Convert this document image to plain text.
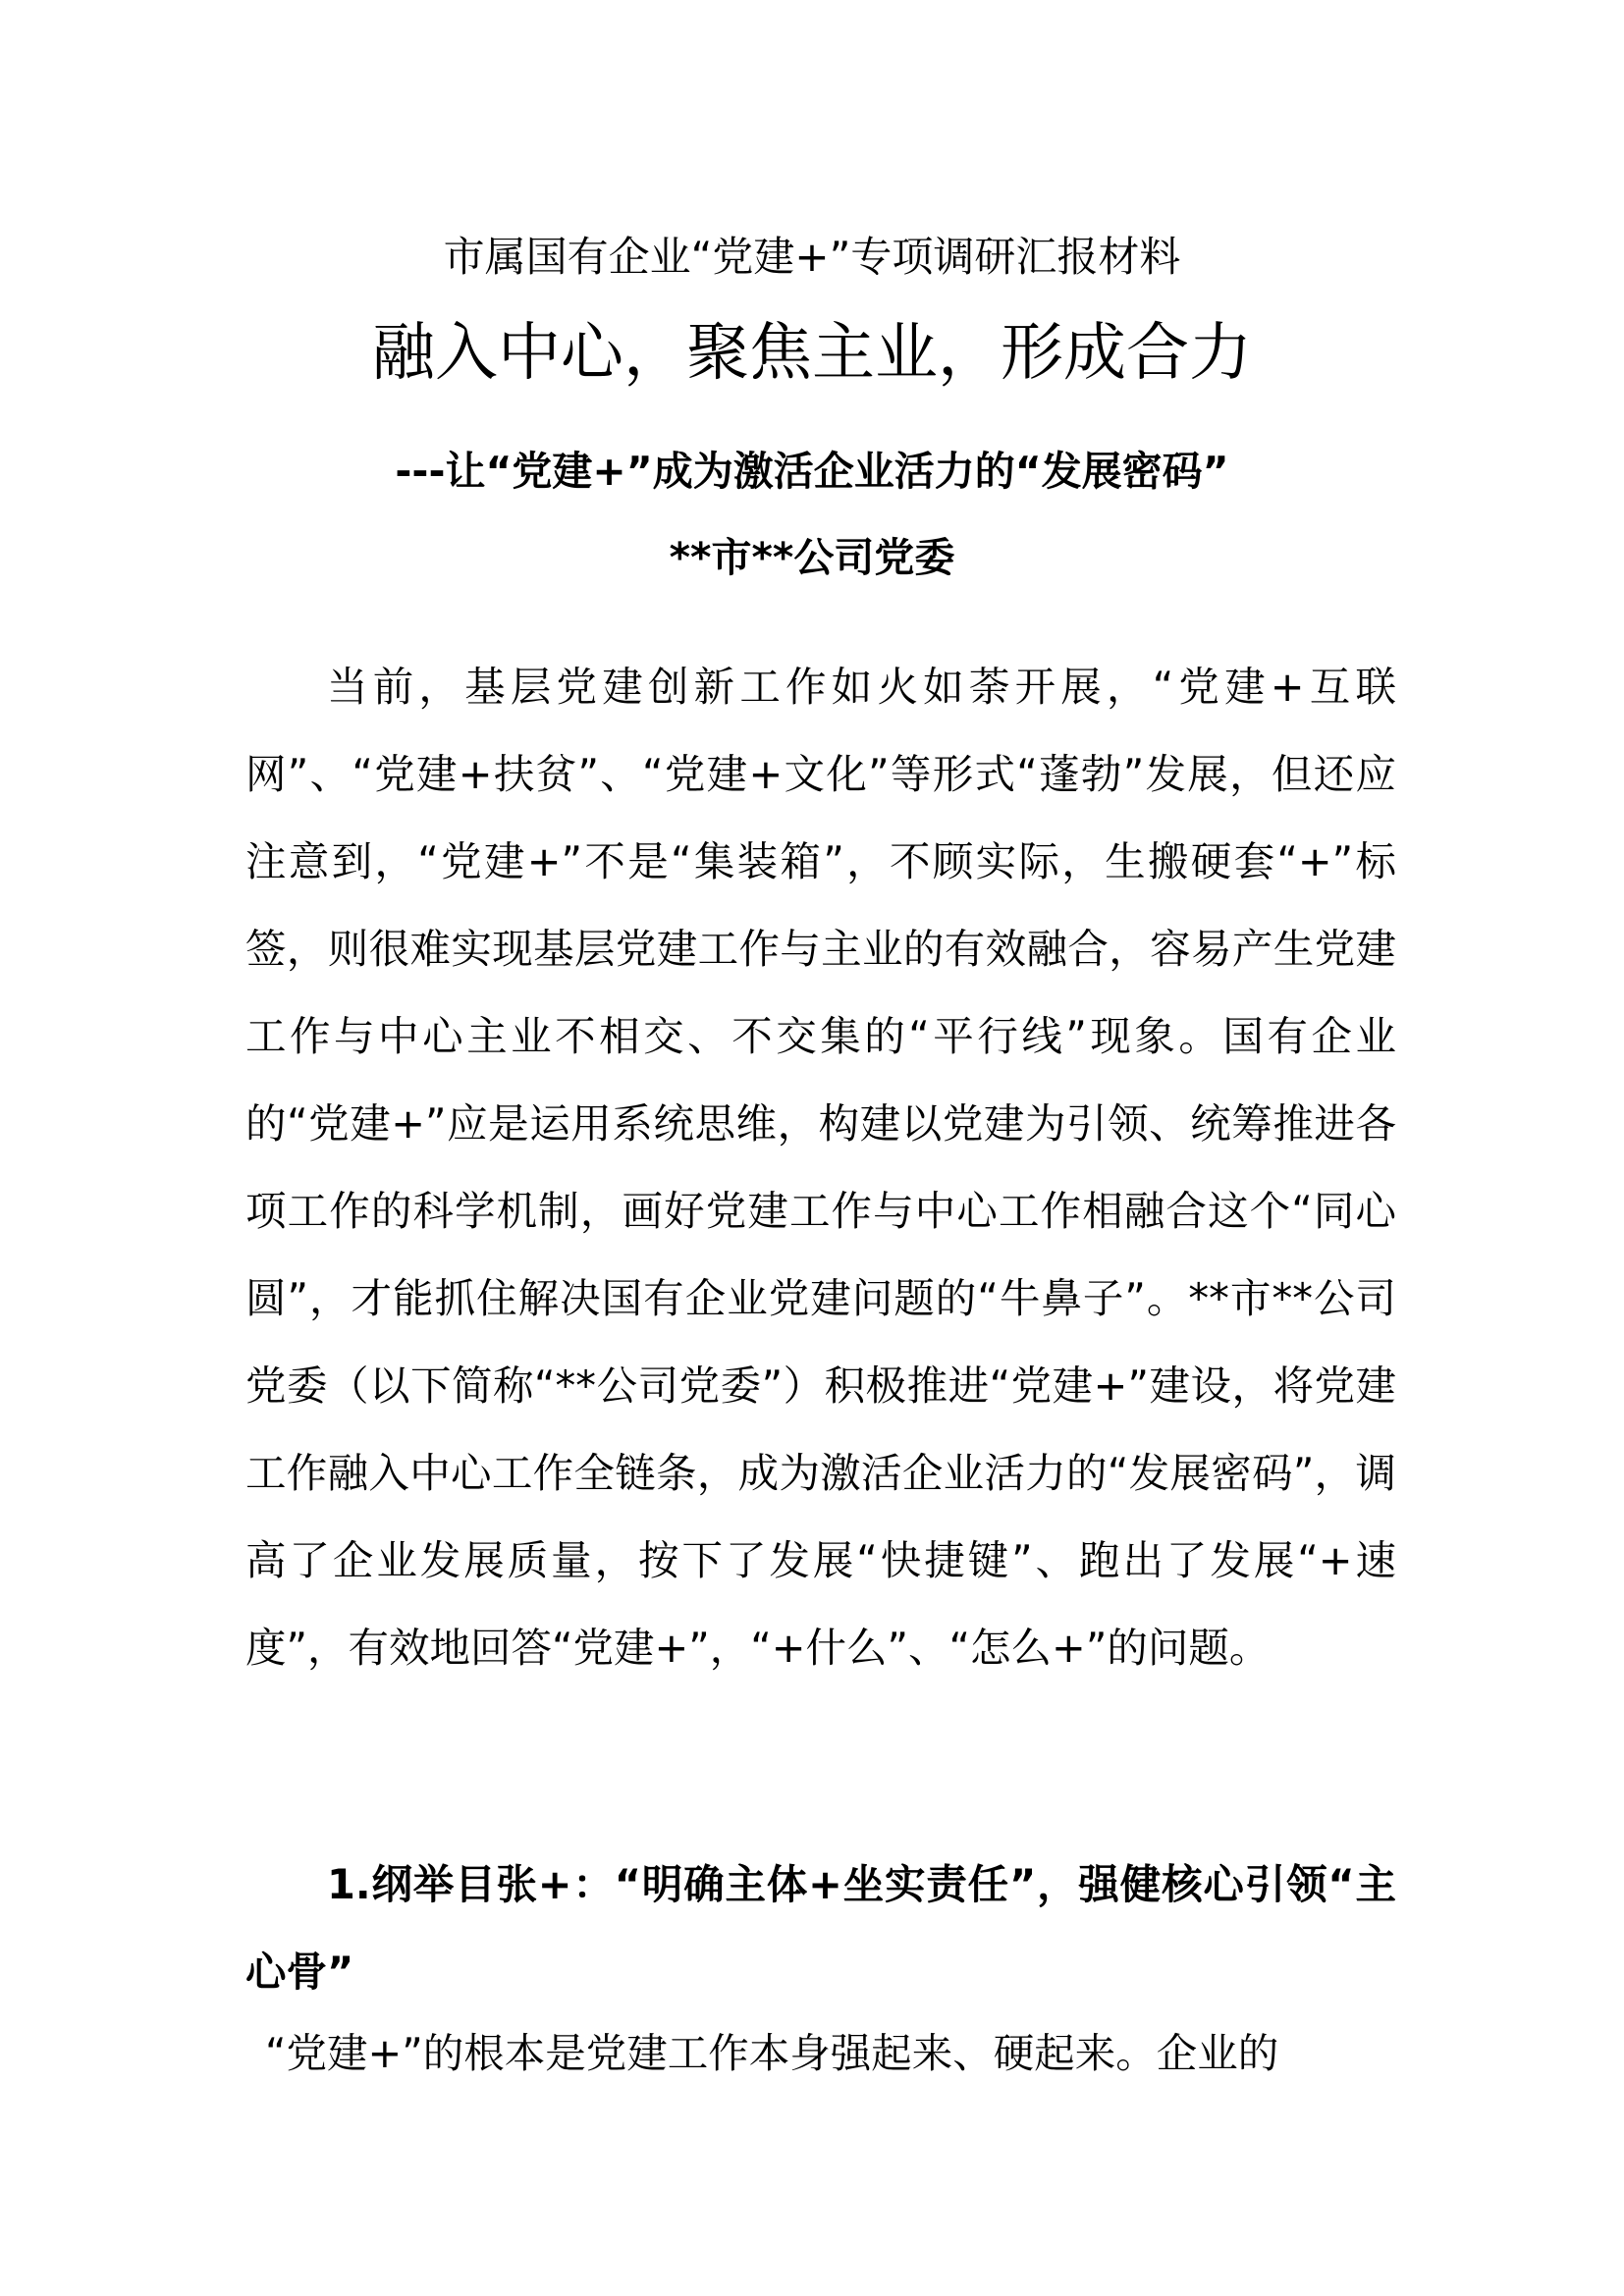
市属国有企业“党建+”专项调研汇报材料
融入中心，聚焦主业，形成合力
---让“党建+”成为激活企业活力的“发展密码”
**市**公司党委

当前，基层党建创新工作如火如荼开展，“党建+互联网”、“党建+扶贫”、“党建+文化”等形式“蓬勃”发展，但还应注意到，“党建+”不是“集装箱”，不顾实际，生搬硬套“+”标签，则很难实现基层党建工作与主业的有效融合，容易产生党建工作与中心主业不相交、不交集的“平行线”现象。国有企业的“党建+”应是运用系统思维，构建以党建为引领、统筹推进各项工作的科学机制，画好党建工作与中心工作相融合这个“同心圆”，才能抓住解决国有企业党建问题的“牛鼻子”。**市**公司党委（以下简称“**公司党委”）积极推进“党建+”建设，将党建工作融入中心工作全链条，成为激活企业活力的“发展密码”，调高了企业发展质量，按下了发展“快捷键”、跑出了发展“+速度”，有效地回答“党建+”，“+什么”、“怎么+”的问题。

1.纲举目张+：“明确主体+坐实责任”，强健核心引领“主心骨”

“党建+”的根本是党建工作本身强起来、硬起来。企业的
